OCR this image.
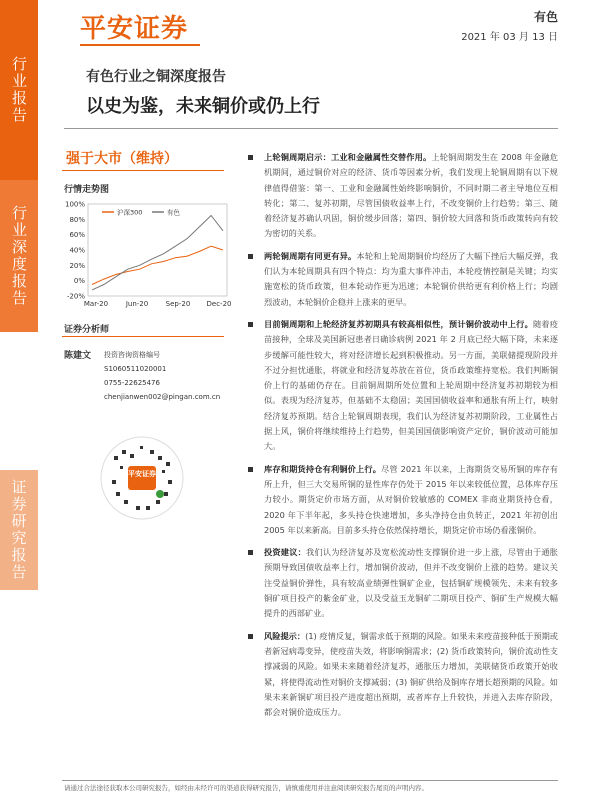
行业报告
行业深度报告
证券研究报告
平安证券	有色
2021 年 03 月 13 日
有色行业之铜深度报告
以史为鉴，未来铜价或仍上行
强于大市（维持）
行情走势图
100%
80%
60%
40%
20%
0%
-20%
Mar-20	Jun-20 Sep-20 Dec-20
沪深300	有色
证券分析师
陈建文 投资咨询资格编号
S1060511020001
0755-22625476
chenjianwen002@pingan.com.cn
平安证券
上轮铜周期启示：工业和金融属性交替作用。上轮铜周期发生在 2008 年金融危机期间，通过铜价对应的经济、货币等因素分析，我们发现上轮铜周期有以下规律值得借鉴：第一、工业和金融属性始终影响铜价，不同时期二者主导地位互相转化；第二、复苏初期，尽管国债收益率上行，不改变铜价上行趋势；第三、随着经济复苏确认巩固，铜价缓步回落；第四、铜价较大回落和货币政策转向有较为密切的关系。
两轮铜周期有同更有异。本轮和上轮周期铜价均经历了大幅下挫后大幅反弹，我们认为本轮周期具有四个特点：均为重大事件冲击，本轮疫情控制是关键；均实施宽松的货币政策，但本轮动作更为迅速；本轮铜价供给更有利价格上行；均剧烈波动，本轮铜价企稳并上涨来的更早。
目前铜周期和上轮经济复苏初期具有较高相似性，预计铜价波动中上行。随着疫苗接种，全球及美国新冠患者日确诊病例 2021 年 2 月底已经大幅下降，未来逐步缓解可能性较大，将对经济增长起到积极推动。另一方面，美联储提现阶段并不过分担忧通胀，将就业和经济复苏放在首位，货币政策维持宽松。我们判断铜价上行的基础仍存在。目前铜周期所处位置和上轮周期中经济复苏初期较为相似。表现为经济复苏，但基础不太稳固；美国国债收益率和通胀有所上行，映射经济复苏预期。结合上轮铜周期表现，我们认为经济复苏初期阶段，工业属性占据上风，铜价将继续维持上行趋势，但美国国债影响资产定价，铜价波动可能加大。
库存和期货持仓有利铜价上行。尽管 2021 年以来，上海期货交易所铜的库存有所上升，但三大交易所铜的显性库存仍处于 2015 年以来较低位置，总体库存压力较小。期货定价市场方面，从对铜价较敏感的 COMEX 非商业期货持仓看，2020 年下半年起，多头持仓快速增加，多头净持仓由负转正，2021 年初创出 2005 年以来新高。目前多头持仓依然保持增长，期货定价市场仍看涨铜价。
投资建议：我们认为经济复苏及宽松流动性支撑铜价进一步上涨，尽管由于通胀预期导致国债收益率上行，增加铜价波动，但并不改变铜价上涨的趋势。建议关注受益铜价弹性，具有较高业绩弹性铜矿企业，包括铜矿规模领先、未来有较多铜矿项目投产的紫金矿业，以及受益玉龙铜矿二期项目投产、铜矿生产规模大幅提升的西部矿业。
风险提示：(1) 疫情反复，铜需求低于预期的风险。如果未来疫苗接种低于预期或者新冠病毒变异，使疫苗失效，将影响铜需求；(2) 货币政策转向，铜价流动性支撑减弱的风险。如果未来随着经济复苏，通胀压力增加，美联储货币政策开始收紧，将使得流动性对铜价支撑减弱；(3) 铜矿供给及铜库存增长超预期的风险。如果未来新铜矿项目投产进度超出预期，或者库存上升较快，并进入去库存阶段，都会对铜价造成压力。
请通过合法途径获取本公司研究报告，如经由未经许可的渠道获得研究报告，请慎重使用并注意阅读研究报告尾页的声明内容。
